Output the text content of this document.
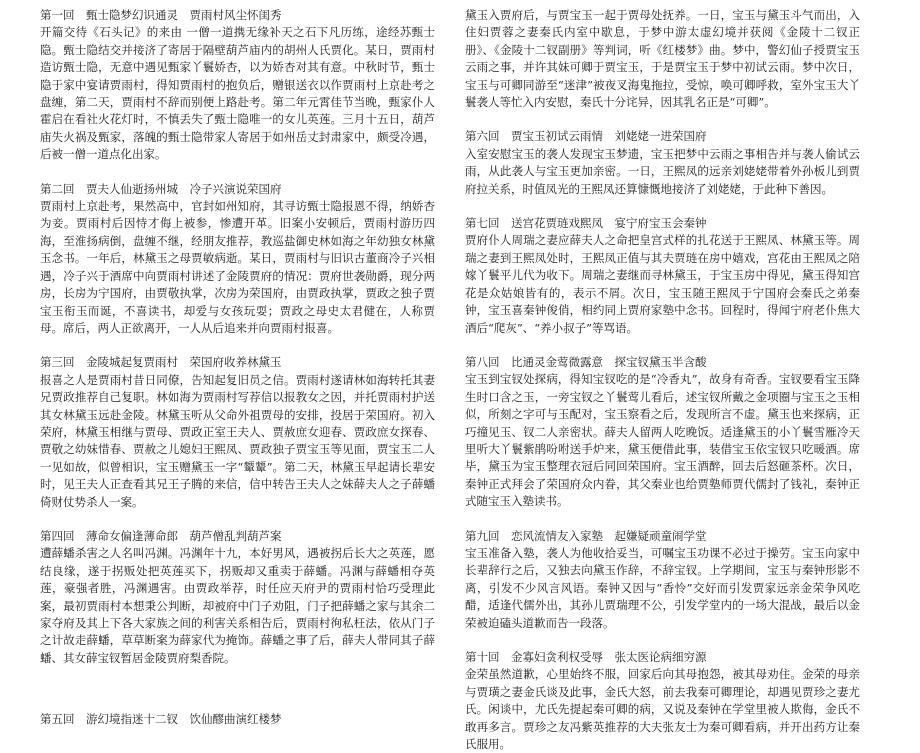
第一回　甄士隐梦幻识通灵　贾雨村风尘怀闺秀
开篇交待《石头记》的来由 一僧一道携无缘补天之石下凡历练，途经苏甄士隐。甄士隐结交并接济了寄居于隔壁葫芦庙内的胡州人氏贾化。某日，贾雨村造访甄士隐，无意中遇见甄家丫鬟娇杏，以为娇杏对其有意。中秋时节，甄士隐于家中宴请贾雨村，得知贾雨村的抱负后，赠银送衣以作贾雨村上京赴考之盘缠，第二天，贾雨村不辞而别便上路赴考。第二年元霄佳节当晚，甄家仆人霍启在看社火花灯时，不慎丢失了甄士隐唯一的女儿英莲。三月十五日，葫芦庙失火祸及甄家，落魄的甄士隐带家人寄居于如州岳丈封肃家中，颇受冷遇，后被一僧一道点化出家。
第二回　贾夫人仙逝扬州城　冷子兴演说荣国府
贾雨村上京赴考，果然高中，官封如州知府，其寻访甄士隐报恩不得，纳娇杏为妾。贾雨村后因恃才侮上被参，惨遭开革。旧案小安顿后，贾雨村游历四海，至淮扬病倒，盘缠不继，经朋友推荐，教巡盐御史林如海之年幼独女林黛玉念书。一年后，林黛玉之母贾敏病逝。某日，贾雨村与旧识古董商冷子兴相遇，冷子兴于酒席中向贾雨村讲述了金陵贾府的情况：贾府世袭勋爵，现分两房，长房为宁国府，由贾敬执掌，次房为荣国府，由贾政执掌，贾政之独子贾宝玉衔玉而诞，不喜读书，却爱与女孩玩耍；贾政之母史太君健在，人称贾母。席后，两人正欲离开，一人从后追来并向贾雨村报喜。
第三回　金陵城起复贾雨村　荣国府收养林黛玉
报喜之人是贾雨村昔日同僚，告知起复旧员之信。贾雨村遂请林如海转托其妻兄贾政推荐自己复职。林如海为贾雨村写荐信以报教女之因，并托贾雨村护送其女林黛玉远赴金陵。林黛玉听从父命外祖贾母的安排，投居于荣国府。初入荣府，林黛玉相继与贾母、贾政正室王夫人、贾赦庶女迎春、贾政庶女探春、贾敬之幼妹惜春、贾赦之儿媳妇王熙凤、贾政独子贾宝玉等见面，贾宝玉二人一见如故，似曾相识，宝玉赠黛玉一字“颦颦”。第二天，林黛玉早起请长辈安时，见王夫人正查看其兄王子腾的来信，信中转告王夫人之妹薛夫人之子薛蟠倚财仗势杀人一案。
第四回　薄命女偏逢薄命郎　葫芦僧乱判葫芦案
遭薛蟠杀害之人名叫冯渊。冯渊年十九，本好男风，遇被拐后长大之英莲，愿结良缘，遂于拐贩处把英莲买下，拐贩却又重卖于薛蟠。冯渊与薛蟠相夺英莲，豪强者胜，冯渊遇害。由贾政举荐，时任应天府尹的贾雨村恰巧受理此案，最初贾雨村本想秉公判断，却被府中门子劝阻，门子把薛蟠之家与其余二家夺府及其上下各大家族之间的利害关系相告后，贾雨村徇私枉法，依从门子之计故走薛蟠，草草断案为薛家代为掩饰。薛蟠之事了后，薛夫人带同其子薛蟠、其女薛宝钗暂居金陵贾府梨香院。
第五回　游幻境指迷十二钗　饮仙醪曲演红楼梦
黛玉入贾府后，与贾宝玉一起于贾母处抚养。一日，宝玉与黛玉斗气而出，入住妇贾蓉之妻秦氏内室中歇息，于梦中游太虚幻境并获阅《金陵十二钗正册》、《金陵十二钗副册》等判词，听《红楼梦》曲。梦中，警幻仙子授贾宝玉云雨之事，并许其妹可卿于贾宝玉，于是贾宝玉于梦中初试云雨。梦中次日，宝玉与可卿同游至“迷津”被夜叉海鬼拖拉，受惊，唤可卿呼救，室外宝玉大丫鬟袭人等忙入内安慰，秦氏十分诧异，因其乳名正是“可卿”。
第六回　贾宝玉初试云雨情　刘姥姥一进荣国府
入室安慰宝玉的袭人发现宝玉梦遗，宝玉把梦中云雨之事相告并与袭人偷试云雨，从此袭人与宝玉更加亲密。一日，王熙凤的远亲刘姥姥带着外孙板儿到贾府拉关系，时值凤光的王熙凤还算慷慨地接济了刘姥姥，于此种下善因。
第七回　送宫花贾琏戏熙凤　宴宁府宝玉会秦钟
贾府仆人周瑞之妻应薛夫人之命把皇宫式样的扎花送于王熙凤、林黛玉等。周瑞之妻到王熙凤处时，王熙凤正值与其夫贾琏在房中嬉戏，宫花由王熙凤之陪嫁丫鬟平儿代为收下。周瑞之妻继而寻林黛玉，于宝玉房中得见，黛玉得知宫花是众姑娘皆有的，表示不屑。次日，宝玉随王熙凤于宁国府会秦氏之弟秦钟，宝玉喜秦钟俊俏，相约同上贾府家塾中念书。回程时，得闻宁府老仆焦大酒后“爬灰”、“养小叔子”等骂语。
第八回　比通灵金莺微露意　探宝钗黛玉半含酸
宝玉到宝钗处探病，得知宝钗吃的是“冷香丸”，故身有奇香。宝钗要看宝玉降生时口含之玉，一旁宝钗之丫鬟莺儿看后，述宝钗所戴之金项圈与宝玉之玉相似，所刻之字可与玉配对，宝玉察看之后，发现所言不虚。黛玉也来探病，正巧撞见玉、钗二人亲密状。薛夫人留两人吃晚饭。适逢黛玉的小丫鬟雪雁冷天里听大丫鬟紫鹃吩咐送手炉来，黛玉便借此事，装借宝玉依宝钗只吃暖酒。席毕，黛玉为宝玉整理衣冠后同回荣国府。宝玉酒醉，回去后怒砸茶杯。次日，秦钟正式拜会了荣国府众内眷，其父秦业也给贾塾师贾代儒封了钱礼，秦钟正式随宝玉入塾读书。
第九回　恋风流情友入家塾　起嫌疑顽童闹学堂
宝玉准备入塾，袭人为他收拾妥当，可嘱宝玉功课不必过于操劳。宝玉向家中长辈辞行之后，又独去向黛玉作辞，不辞宝钗。上学期间，宝玉与秦钟形影不离，引发不少风言风语。秦钟又因与“香怜”交好而引发贾家远亲金荣争风吃醋，适逢代儒外出，其孙儿贾瑞理不公，引发学堂内的一场大混战，最后以金荣被迫磕头道歉而告一段落。
第十回　金寡妇贪利权受辱　张太医论病细穷源
金荣虽然道歉，心里始终不服，回家后向其母抱怨，被其母劝住。金荣的母亲与贾璜之妻金氏谈及此事，金氏大怒，前去我秦可卿理论，却遇见贾珍之妻尤氏。闲谈中，尤氏先提起秦可卿的病，又说及秦钟在学堂里被人欺侮，金氏不敢再多言。贾珍之友冯紫英推荐的大夫张友士为秦可卿看病，并开出药方让秦氏服用。
